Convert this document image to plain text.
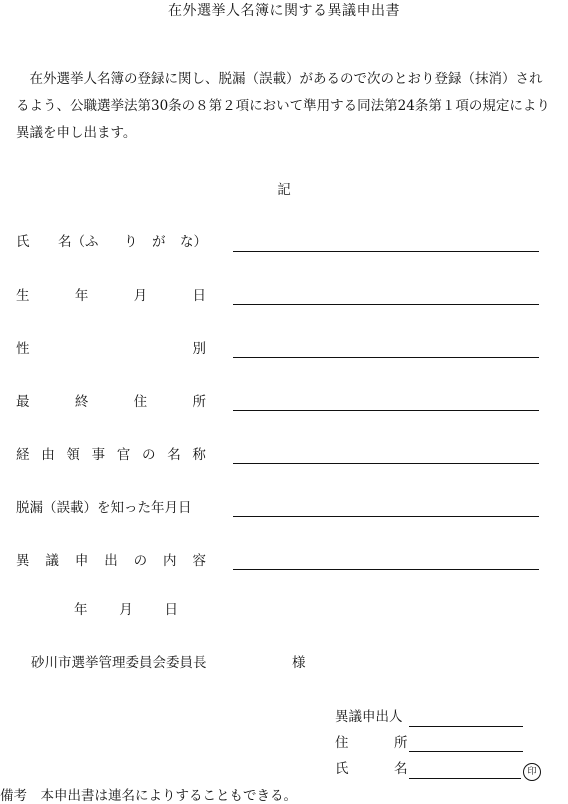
在外選挙人名簿に関する異議申出書
　在外選挙人名簿の登録に関し、脱漏（誤載）があるので次のとおり登録（抹消）され
るよう、公職選挙法第30条の８第２項において準用する同法第24条第１項の規定により
異議を申し出ます。
記
氏 名（ふ り が な）
生	年	月	日
性	別
最	終	住	所
経 由 領 事 官 の 名 称
脱漏（誤載）を知った年月日
異 議 申 出 の 内 容
年 月 日
砂川市選挙管理委員会委員長	様
異議申出人
住	所
氏	名	印
備考　本申出書は連名によりすることもできる。
